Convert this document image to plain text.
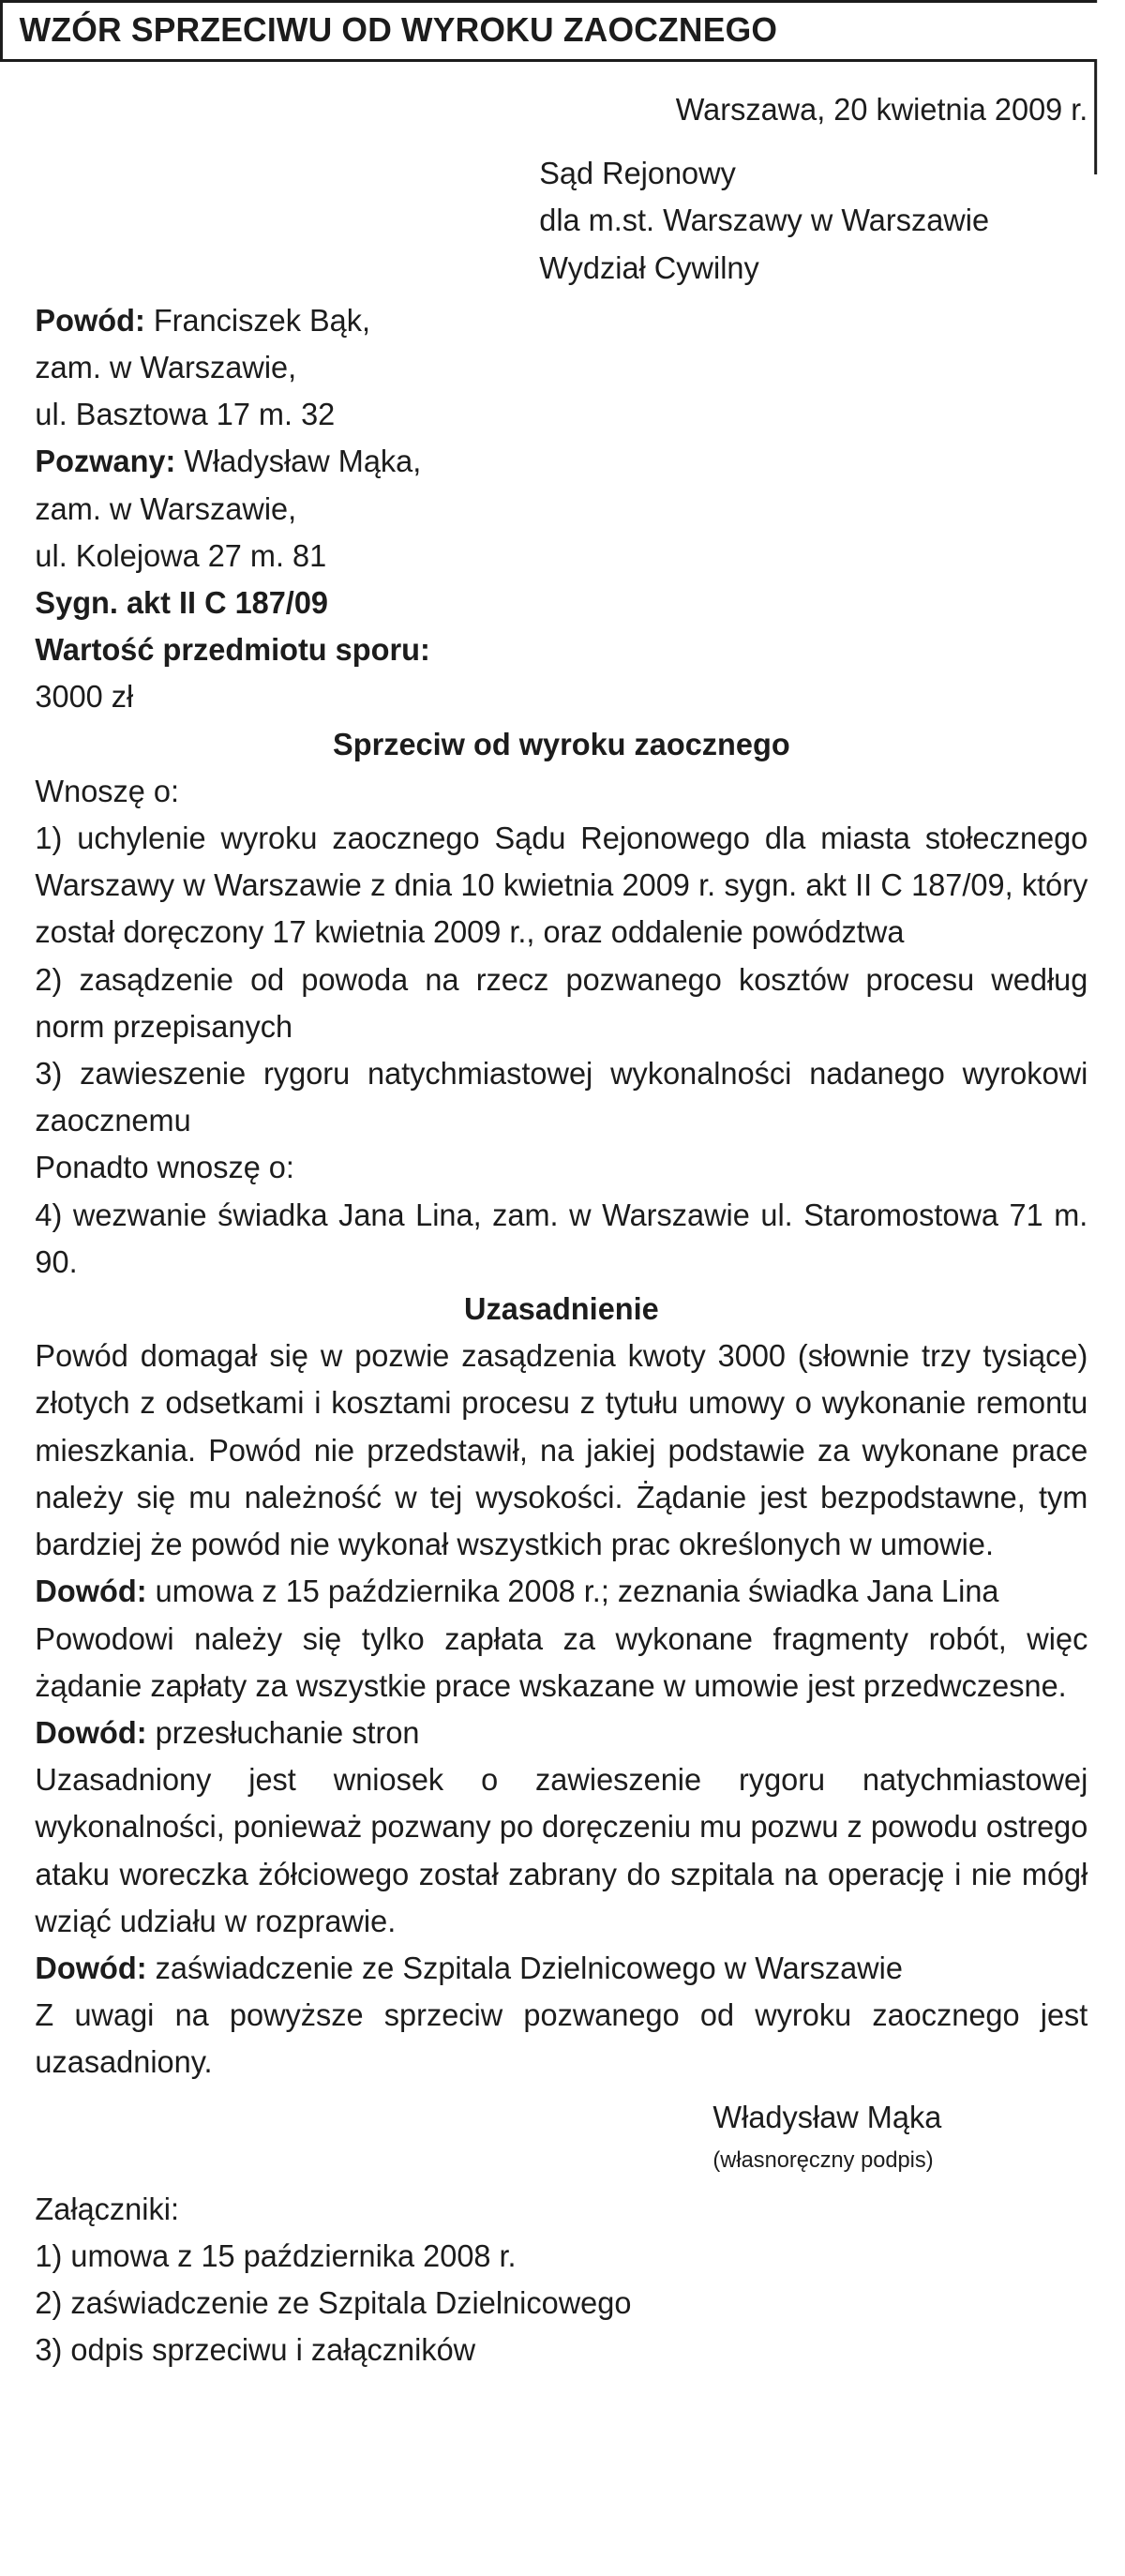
WZÓR SPRZECIWU OD WYROKU ZAOCZNEGO

Warszawa, 20 kwietnia 2009 r.

Sąd Rejonowy

dla m.st. Warszawy w Warszawie

Wydział Cywilny

Powód: Franciszek Bąk,

zam. w Warszawie,

ul. Basztowa 17 m. 32

Pozwany: Władysław Mąka,

zam. w Warszawie,

ul. Kolejowa 27 m. 81

Sygn. akt II C 187/09

Wartość przedmiotu sporu:

3000 zł

Sprzeciw od wyroku zaocznego

Wnoszę o:

1) uchylenie wyroku zaocznego Sądu Rejonowego dla miasta stołecznego Warszawy w Warszawie z dnia 10 kwietnia 2009 r. sygn. akt II C 187/09, który został doręczony 17 kwietnia 2009 r., oraz oddalenie powództwa

2) zasądzenie od powoda na rzecz pozwanego kosztów procesu według norm przepisanych

3) zawieszenie rygoru natychmiastowej wykonalności nadanego wyrokowi zaocznemu

Ponadto wnoszę o:

4) wezwanie świadka Jana Lina, zam. w Warszawie ul. Staromostowa 71 m. 90.

Uzasadnienie

Powód domagał się w pozwie zasądzenia kwoty 3000 (słownie trzy tysiące) złotych z odsetkami i kosztami procesu z tytułu umowy o wykonanie remontu mieszkania. Powód nie przedstawił, na jakiej podstawie za wykonane prace należy się mu należność w tej wysokości. Żądanie jest bezpodstawne, tym bardziej że powód nie wykonał wszystkich prac określonych w umowie.

Dowód: umowa z 15 października 2008 r.; zeznania świadka Jana Lina

Powodowi należy się tylko zapłata za wykonane fragmenty robót, więc żądanie zapłaty za wszystkie prace wskazane w umowie jest przedwczesne.

Dowód: przesłuchanie stron

Uzasadniony jest wniosek o zawieszenie rygoru natychmiastowej wykonalności, ponieważ pozwany po doręczeniu mu pozwu z powodu ostrego ataku woreczka żółciowego został zabrany do szpitala na operację i nie mógł wziąć udziału w rozprawie.

Dowód: zaświadczenie ze Szpitala Dzielnicowego w Warszawie

Z uwagi na powyższe sprzeciw pozwanego od wyroku zaocznego jest uzasadniony.

Władysław Mąka

(własnoręczny podpis)

Załączniki:

1) umowa z 15 października 2008 r.

2) zaświadczenie ze Szpitala Dzielnicowego

3) odpis sprzeciwu i załączników
